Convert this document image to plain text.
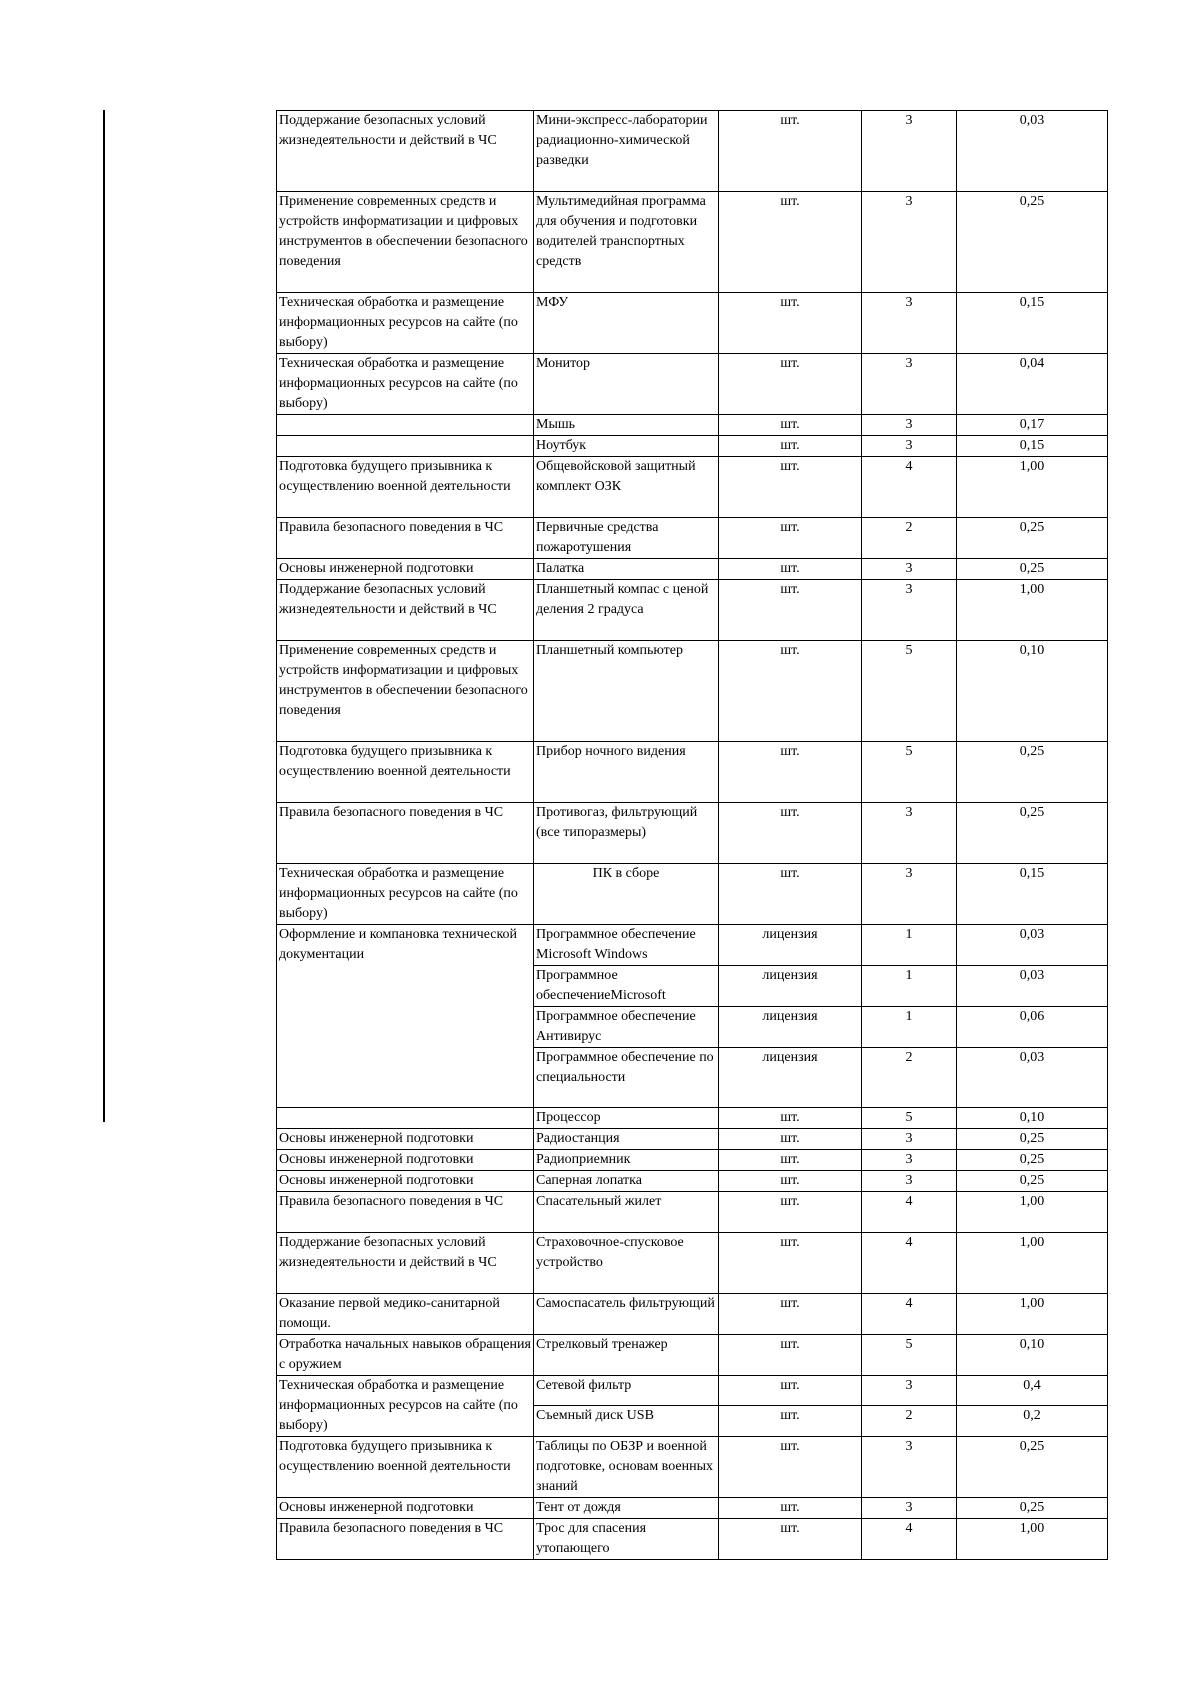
Поддержание безопасных условий жизнедеятельности и действий в ЧС	Мини-экспресс-лаборатории радиационно-химической разведки	шт.	3	0,03
Применение современных средств и устройств информатизации и цифровых инструментов в обеспечении безопасного поведения	Мультимедийная программа для обучения и подготовки водителей транспортных средств	шт.	3	0,25
Техническая обработка и размещение информационных ресурсов на сайте (по выбору)	МФУ	шт.	3	0,15
Техническая обработка и размещение информационных ресурсов на сайте (по выбору)	Монитор	шт.	3	0,04
	Мышь	шт.	3	0,17
	Ноутбук	шт.	3	0,15
Подготовка будущего призывника к осуществлению военной деятельности	Общевойсковой защитный комплект ОЗК	шт.	4	1,00
Правила безопасного поведения в ЧС	Первичные средства пожаротушения	шт.	2	0,25
Основы инженерной подготовки	Палатка	шт.	3	0,25
Поддержание безопасных условий жизнедеятельности и действий в ЧС	Планшетный компас с ценой деления 2 градуса	шт.	3	1,00
Применение современных средств и устройств информатизации и цифровых инструментов в обеспечении безопасного поведения	Планшетный компьютер	шт.	5	0,10
Подготовка будущего призывника к осуществлению военной деятельности	Прибор ночного видения	шт.	5	0,25
Правила безопасного поведения в ЧС	Противогаз, фильтрующий (все типоразмеры)	шт.	3	0,25
Техническая обработка и размещение информационных ресурсов на сайте (по выбору)	ПК в сборе	шт.	3	0,15
Оформление и компановка технической документации	Программное обеспечение Microsoft Windows	лицензия	1	0,03
	Программное обеспечениеMicrosoft	лицензия	1	0,03
	Программное обеспечение Антивирус	лицензия	1	0,06
	Программное обеспечение по специальности	лицензия	2	0,03
	Процессор	шт.	5	0,10
Основы инженерной подготовки	Радиостанция	шт.	3	0,25
Основы инженерной подготовки	Радиоприемник	шт.	3	0,25
Основы инженерной подготовки	Саперная лопатка	шт.	3	0,25
Правила безопасного поведения в ЧС	Спасательный жилет	шт.	4	1,00
Поддержание безопасных условий жизнедеятельности и действий в ЧС	Страховочное-спусковое устройство	шт.	4	1,00
Оказание первой медико-санитарной помощи.	Самоспасатель фильтрующий	шт.	4	1,00
Отработка начальных навыков обращения с оружием	Стрелковый тренажер	шт.	5	0,10
Техническая обработка и размещение информационных ресурсов на сайте (по выбору)	Сетевой фильтр	шт.	3	0,4
	Съемный диск USB	шт.	2	0,2
Подготовка будущего призывника к осуществлению военной деятельности	Таблицы по ОБЗР и военной подготовке, основам военных знаний	шт.	3	0,25
Основы инженерной подготовки	Тент от дождя	шт.	3	0,25
Правила безопасного поведения в ЧС	Трос для спасения утопающего	шт.	4	1,00
